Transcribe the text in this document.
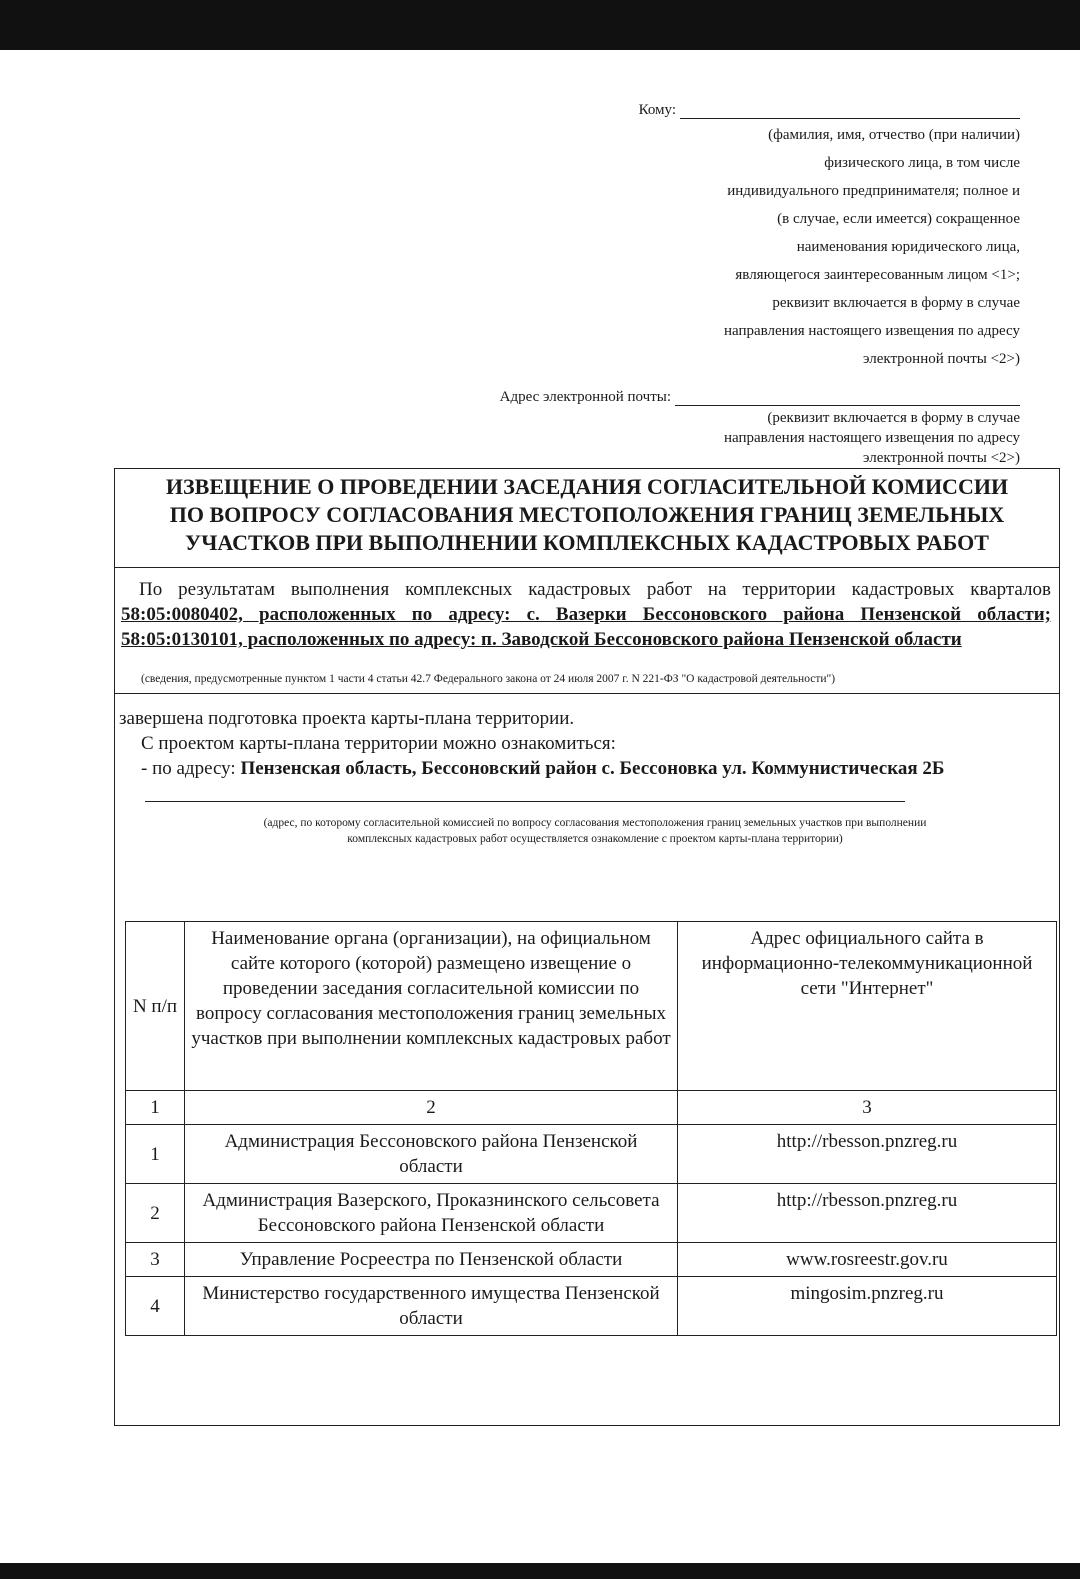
Кому:
(фамилия, имя, отчество (при наличии)
физического лица, в том числе
индивидуального предпринимателя; полное и
(в случае, если имеется) сокращенное
наименования юридического лица,
являющегося заинтересованным лицом <1>;
реквизит включается в форму в случае
направления настоящего извещения по адресу
электронной почты <2>)
Адрес электронной почты:
(реквизит включается в форму в случае
направления настоящего извещения по адресу
электронной почты <2>)
ИЗВЕЩЕНИЕ О ПРОВЕДЕНИИ ЗАСЕДАНИЯ СОГЛАСИТЕЛЬНОЙ КОМИССИИ
ПО ВОПРОСУ СОГЛАСОВАНИЯ МЕСТОПОЛОЖЕНИЯ ГРАНИЦ ЗЕМЕЛЬНЫХ
УЧАСТКОВ ПРИ ВЫПОЛНЕНИИ КОМПЛЕКСНЫХ КАДАСТРОВЫХ РАБОТ
По результатам выполнения комплексных кадастровых работ на территории кадастровых кварталов 58:05:0080402, расположенных по адресу: с. Вазерки Бессоновского района Пензенской области; 58:05:0130101, расположенных по адресу: п. Заводской Бессоновского района Пензенской области
(сведения, предусмотренные пунктом 1 части 4 статьи 42.7 Федерального закона от 24 июля 2007 г. N 221-ФЗ "О кадастровой деятельности")
завершена подготовка проекта карты-плана территории.
С проектом карты-плана территории можно ознакомиться:
- по адресу: Пензенская область, Бессоновский район с. Бессоновка ул. Коммунистическая 2Б
(адрес, по которому согласительной комиссией по вопросу согласования местоположения границ земельных участков при выполнении комплексных кадастровых работ осуществляется ознакомление с проектом карты-плана территории)
N п/п	Наименование органа (организации), на официальном сайте которого (которой) размещено извещение о проведении заседания согласительной комиссии по вопросу согласования местоположения границ земельных участков при выполнении комплексных кадастровых работ	Адрес официального сайта в информационно-телекоммуникационной сети "Интернет"
1	2	3
1	Администрация Бессоновского района Пензенской области	http://rbesson.pnzreg.ru
2	Администрация Вазерского, Проказнинского сельсовета Бессоновского района Пензенской области	http://rbesson.pnzreg.ru
3	Управление Росреестра по Пензенской области	www.rosreestr.gov.ru
4	Министерство государственного имущества Пензенской области	mingosim.pnzreg.ru
